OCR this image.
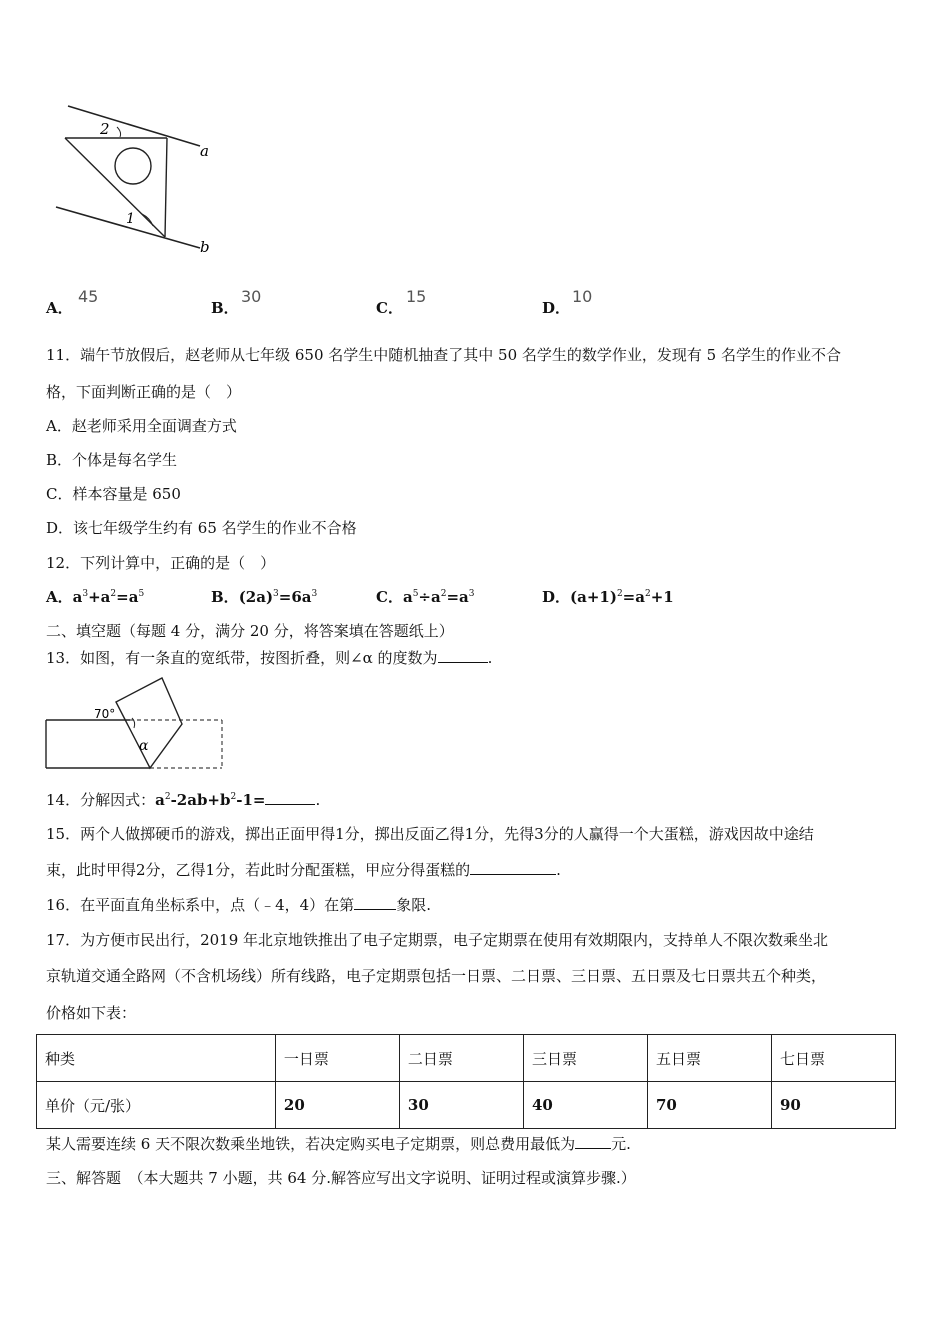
2
1
a
b
A．
45
B．
30
C．
15
D．
10
11．端午节放假后，赵老师从七年级 650 名学生中随机抽查了其中 50 名学生的数学作业，发现有 5 名学生的作业不合
格，下面判断正确的是（　）
A．赵老师采用全面调查方式
B．个体是每名学生
C．样本容量是 650
D．该七年级学生约有 65 名学生的作业不合格
12．下列计算中，正确的是（　）
A．$a^3+a^2=a^5$	B．$(2a)^3=6a^3$	C．$a^5\div a^2=a^3$	D．$(a+1)^2=a^2+1$
二、填空题（每题 4 分，满分 20 分，将答案填在答题纸上）
13．如图，有一条直的宽纸带，按图折叠，则∠α 的度数为	.
70°
α
14．分解因式：$a^2-2ab+b^2-1=$	.
15．两个人做掷硬币的游戏，掷出正面甲得1分，掷出反面乙得1分，先得3分的人赢得一个大蛋糕，游戏因故中途结
束，此时甲得2分，乙得1分，若此时分配蛋糕，甲应分得蛋糕的	.
16．在平面直角坐标系中，点（﹣4，4）在第	象限.
17．为方便市民出行，2019 年北京地铁推出了电子定期票，电子定期票在使用有效期限内，支持单人不限次数乘坐北
京轨道交通全路网（不含机场线）所有线路，电子定期票包括一日票、二日票、三日票、五日票及七日票共五个种类，
价格如下表：
种类	一日票	二日票	三日票	五日票	七日票
单价（元/张）	20	30	40	70	90
某人需要连续 6 天不限次数乘坐地铁，若决定购买电子定期票，则总费用最低为 元.
三、解答题　（本大题共 7 小题，共 64 分.解答应写出文字说明、证明过程或演算步骤.）
